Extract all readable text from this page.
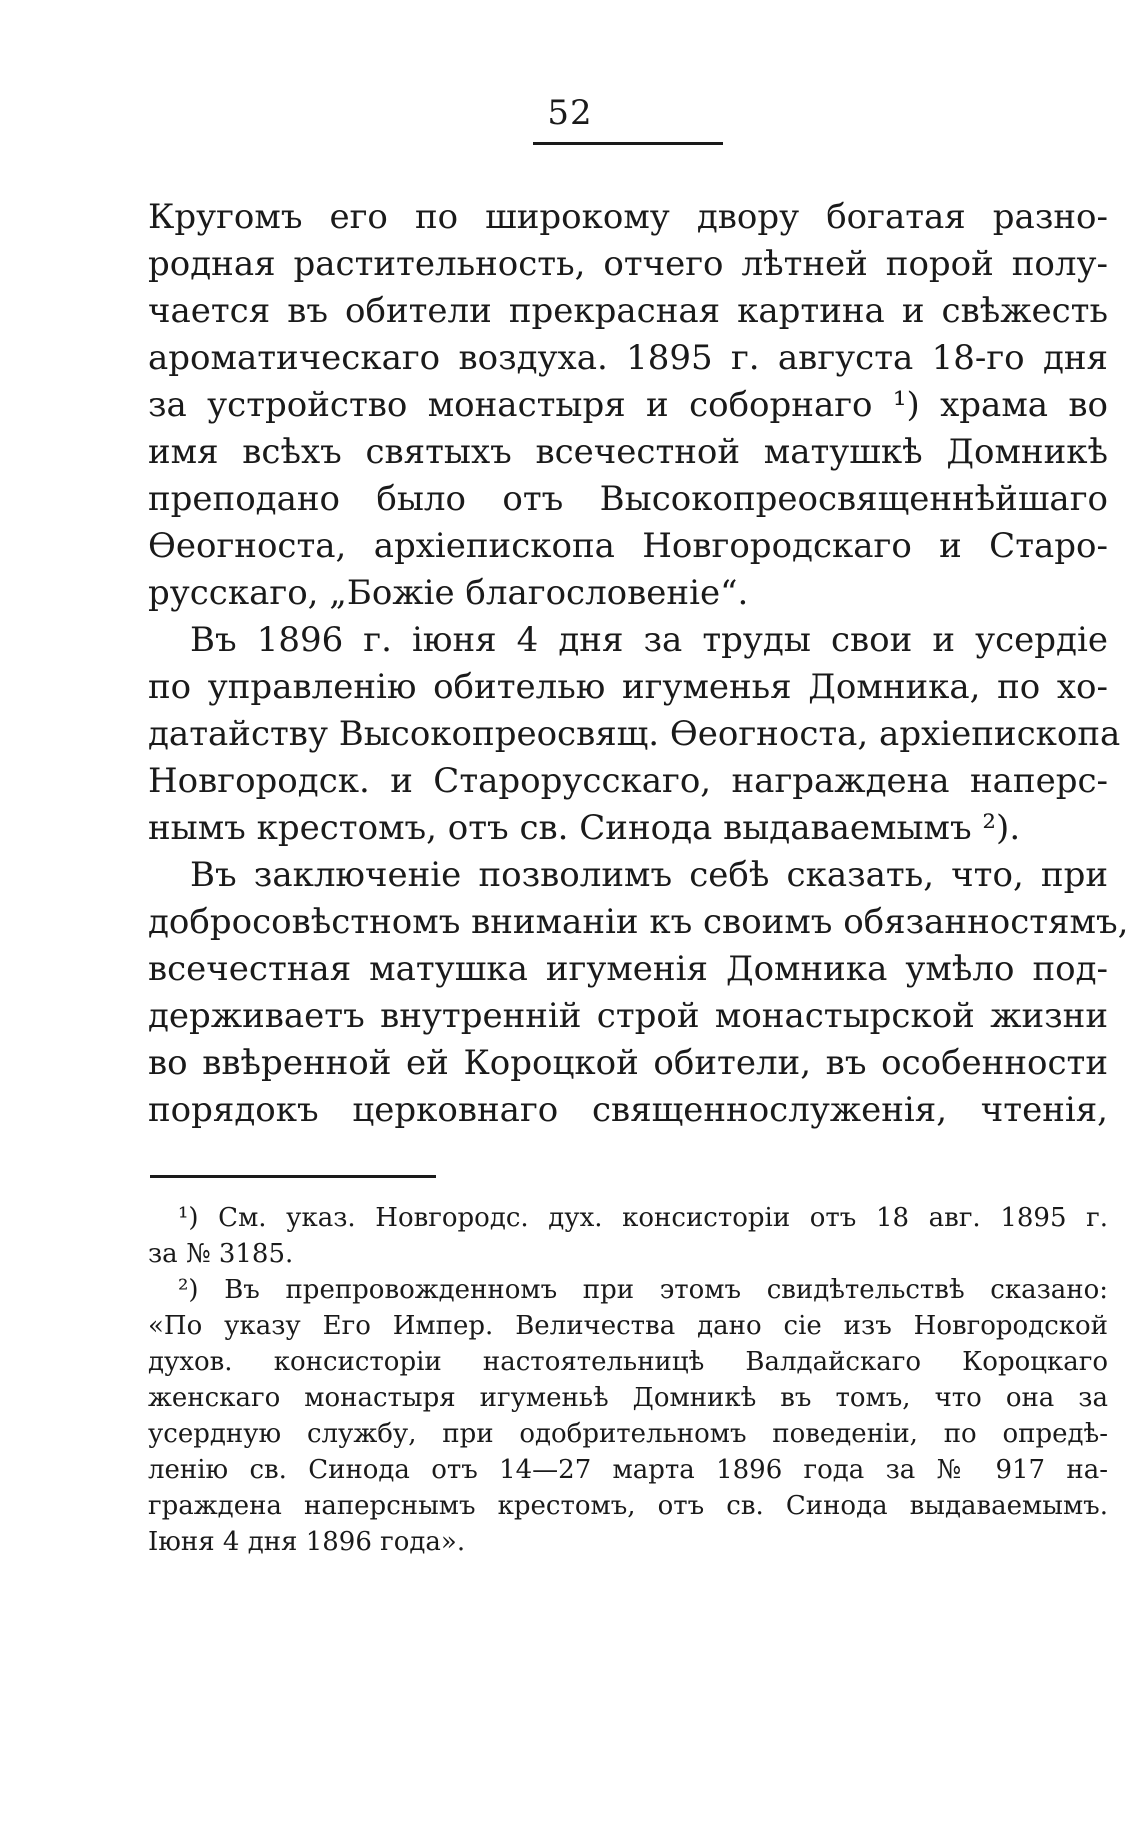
52
Кругомъ его по широкому двору богатая разно-
родная растительность, отчего лѣтней порой полу-
чается въ обители прекрасная картина и свѣжесть
ароматическаго воздуха. 1895 г. августа 18-го дня
за устройство монастыря и соборнаго ¹) храма во
имя всѣхъ святыхъ всечестной матушкѣ Домникѣ
преподано было отъ Высокопреосвященнѣйшаго
Ѳеогноста, архіепископа Новгородскаго и Старо-
русскаго, „Божіе благословеніе“.
Въ 1896 г. іюня 4 дня за труды свои и усердіе
по управленію обителью игуменья Домника, по хо-
датайству Высокопреосвящ. Ѳеогноста, архіепископа
Новгородск. и Старорусскаго, награждена наперс-
нымъ крестомъ, отъ св. Синода выдаваемымъ ²).
Въ заключеніе позволимъ себѣ сказать, что, при
добросовѣстномъ вниманіи къ своимъ обязанностямъ,
всечестная матушка игуменія Домника умѣло под-
держиваетъ внутренній строй монастырской жизни
во ввѣренной ей Короцкой обители, въ особенности
порядокъ церковнаго священнослуженія, чтенія,
¹) См. указ. Новгородс. дух. консисторіи отъ 18 авг. 1895 г.
за № 3185.
²) Въ препровожденномъ при этомъ свидѣтельствѣ сказано:
«По указу Его Импер. Величества дано сіе изъ Новгородской
духов. консисторіи настоятельницѣ Валдайскаго Короцкаго
женскаго монастыря игуменьѣ Домникѣ въ томъ, что она за
усердную службу, при одобрительномъ поведеніи, по опредѣ-
ленію св. Синода отъ 14—27 марта 1896 года за № 917 на-
граждена наперснымъ крестомъ, отъ св. Синода выдаваемымъ.
Іюня 4 дня 1896 года».
